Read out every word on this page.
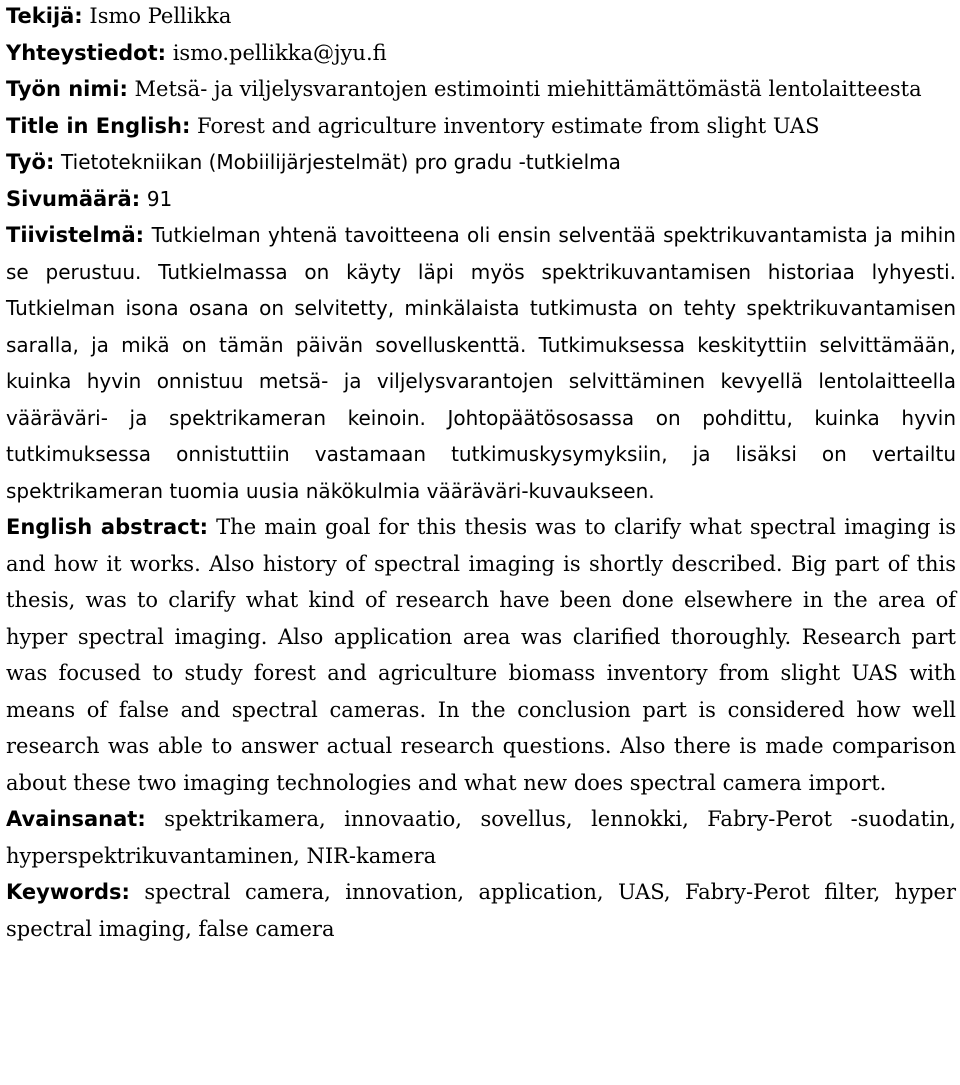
Tekijä: Ismo Pellikka
Yhteystiedot: ismo.pellikka@jyu.fi
Työn nimi: Metsä- ja viljelysvarantojen estimointi miehittämättömästä lentolaitteesta
Title in English: Forest and agriculture inventory estimate from slight UAS
Työ: Tietotekniikan (Mobiilijärjestelmät) pro gradu -tutkielma
Sivumäärä: 91
Tiivistelmä: Tutkielman yhtenä tavoitteena oli ensin selventää spektrikuvantamista ja mihin se perustuu. Tutkielmassa on käyty läpi myös spektrikuvantamisen historiaa lyhyesti. Tutkielman isona osana on selvitetty, minkälaista tutkimusta on tehty spektrikuvantamisen saralla, ja mikä on tämän päivän sovelluskenttä. Tutkimuksessa keskityttiin selvittämään, kuinka hyvin onnistuu metsä- ja viljelysvarantojen selvittäminen kevyellä lentolaitteella vääräväri- ja spektrikameran keinoin. Johtopäätösosassa on pohdittu, kuinka hyvin tutkimuksessa onnistuttiin vastamaan tutkimuskysymyksiin, ja lisäksi on vertailtu spektrikameran tuomia uusia näkökulmia vääräväri-kuvaukseen.
English abstract: The main goal for this thesis was to clarify what spectral imaging is and how it works. Also history of spectral imaging is shortly described. Big part of this thesis, was to clarify what kind of research have been done elsewhere in the area of hyper spectral imaging. Also application area was clarified thoroughly. Research part was focused to study forest and agriculture biomass inventory from slight UAS with means of false and spectral cameras. In the conclusion part is considered how well research was able to answer actual research questions. Also there is made comparison about these two imaging technologies and what new does spectral camera import.
Avainsanat: spektrikamera, innovaatio, sovellus, lennokki, Fabry-Perot -suodatin, hyperspektrikuvantaminen, NIR-kamera
Keywords: spectral camera, innovation, application, UAS, Fabry-Perot filter, hyper spectral imaging, false camera
